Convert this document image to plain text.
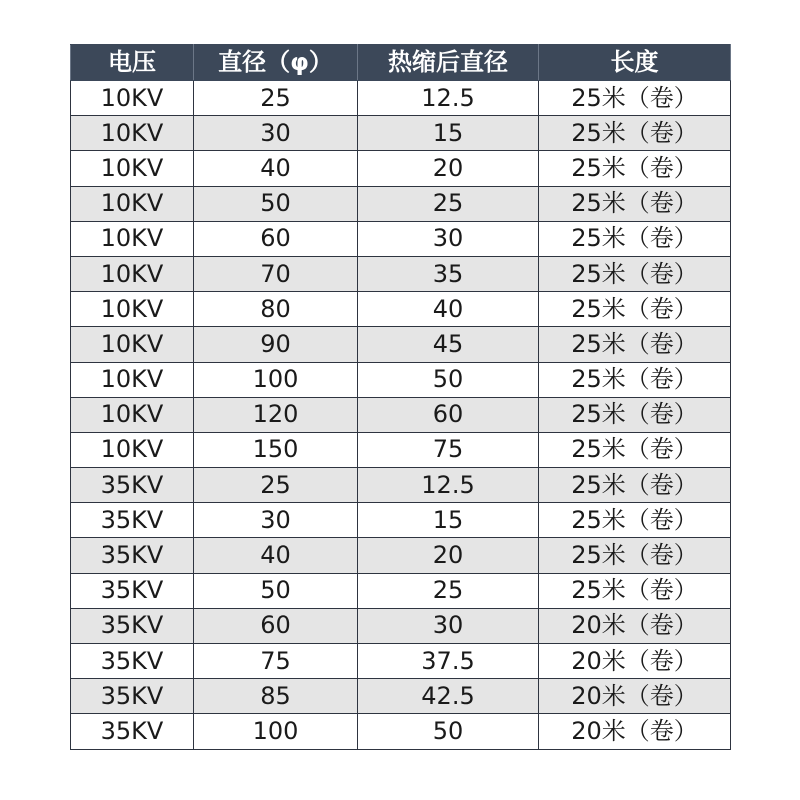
电压	直径（φ）	热缩后直径	长度
10KV	25	12.5	25米（卷）
10KV	30	15	25米（卷）
10KV	40	20	25米（卷）
10KV	50	25	25米（卷）
10KV	60	30	25米（卷）
10KV	70	35	25米（卷）
10KV	80	40	25米（卷）
10KV	90	45	25米（卷）
10KV	100	50	25米（卷）
10KV	120	60	25米（卷）
10KV	150	75	25米（卷）
35KV	25	12.5	25米（卷）
35KV	30	15	25米（卷）
35KV	40	20	25米（卷）
35KV	50	25	25米（卷）
35KV	60	30	20米（卷）
35KV	75	37.5	20米（卷）
35KV	85	42.5	20米（卷）
35KV	100	50	20米（卷）
